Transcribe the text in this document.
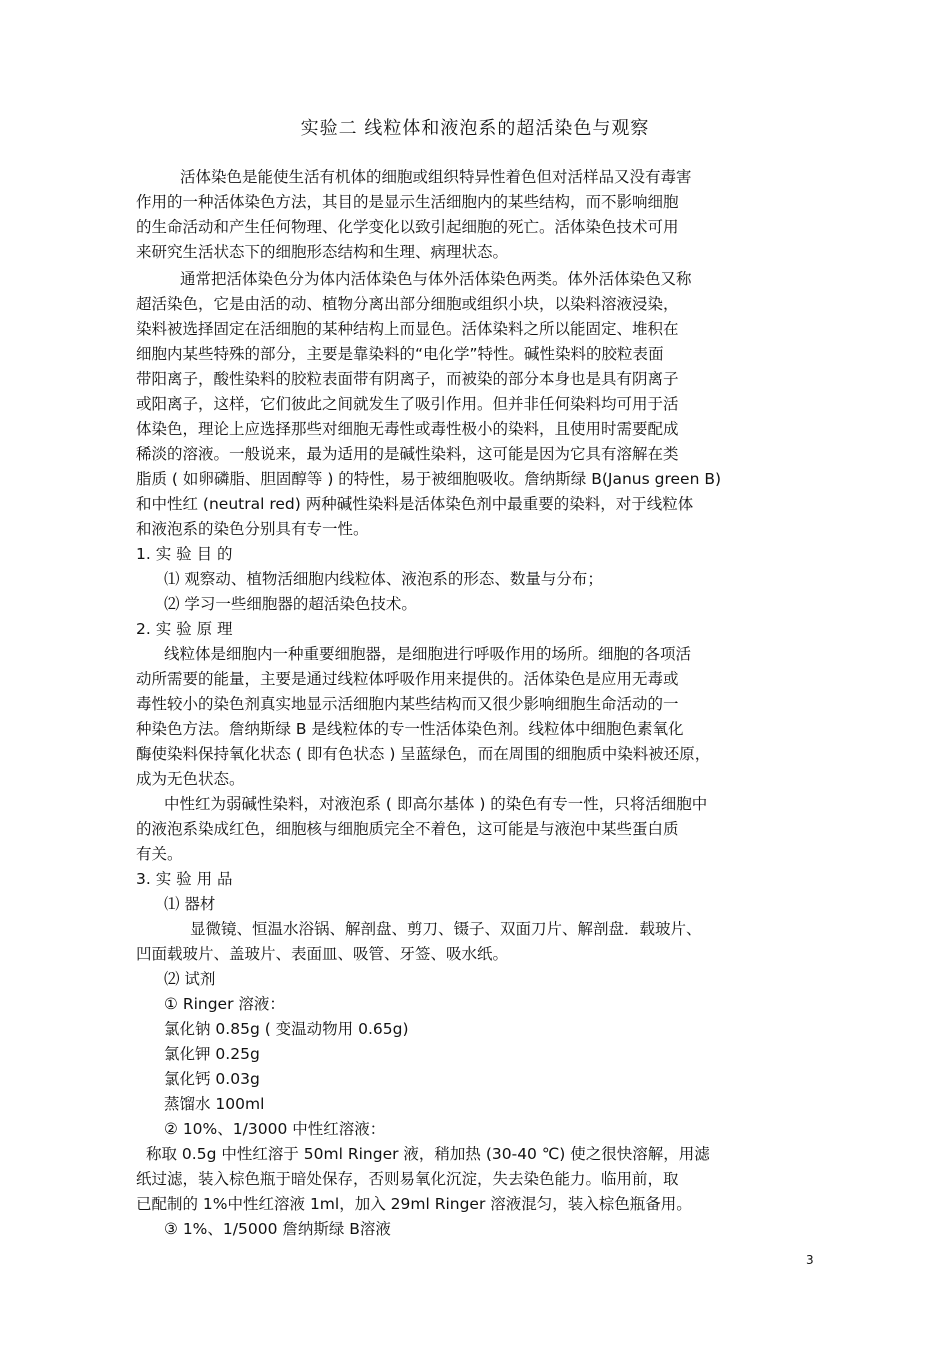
实验二 线粒体和液泡系的超活染色与观察
活体染色是能使生活有机体的细胞或组织特异性着色但对活样品又没有毒害
作用的一种活体染色方法，其目的是显示生活细胞内的某些结构，而不影响细胞
的生命活动和产生任何物理、化学变化以致引起细胞的死亡。活体染色技术可用
来研究生活状态下的细胞形态结构和生理、病理状态。
通常把活体染色分为体内活体染色与体外活体染色两类。体外活体染色又称
超活染色，它是由活的动、植物分离出部分细胞或组织小块，以染料溶液浸染，
染料被选择固定在活细胞的某种结构上而显色。活体染料之所以能固定、堆积在
细胞内某些特殊的部分，主要是靠染料的“电化学”特性。碱性染料的胶粒表面
带阳离子，酸性染料的胶粒表面带有阴离子，而被染的部分本身也是具有阴离子
或阳离子，这样，它们彼此之间就发生了吸引作用。但并非任何染料均可用于活
体染色，理论上应选择那些对细胞无毒性或毒性极小的染料，且使用时需要配成
稀淡的溶液。一般说来，最为适用的是碱性染料，这可能是因为它具有溶解在类
脂质 ( 如卵磷脂、胆固醇等 ) 的特性，易于被细胞吸收。詹纳斯绿 B(Janus green B)
和中性红 (neutral red) 两种碱性染料是活体染色剂中最重要的染料，对于线粒体
和液泡系的染色分别具有专一性。
1. 实 验 目 的
⑴ 观察动、植物活细胞内线粒体、液泡系的形态、数量与分布；
⑵ 学习一些细胞器的超活染色技术。
2. 实 验 原 理
线粒体是细胞内一种重要细胞器，是细胞进行呼吸作用的场所。细胞的各项活
动所需要的能量，主要是通过线粒体呼吸作用来提供的。活体染色是应用无毒或
毒性较小的染色剂真实地显示活细胞内某些结构而又很少影响细胞生命活动的一
种染色方法。詹纳斯绿 B 是线粒体的专一性活体染色剂。线粒体中细胞色素氧化
酶使染料保持氧化状态 ( 即有色状态 ) 呈蓝绿色，而在周围的细胞质中染料被还原，
成为无色状态。
中性红为弱碱性染料，对液泡系 ( 即高尔基体 ) 的染色有专一性，只将活细胞中
的液泡系染成红色，细胞核与细胞质完全不着色，这可能是与液泡中某些蛋白质
有关。
3. 实 验 用 品
⑴ 器材
显微镜、恒温水浴锅、解剖盘、剪刀、镊子、双面刀片、解剖盘．载玻片、
凹面载玻片、盖玻片、表面皿、吸管、牙签、吸水纸。
⑵ 试剂
① Ringer 溶液：
氯化钠 0.85g ( 变温动物用 0.65g)
氯化钾 0.25g
氯化钙 0.03g
蒸馏水 100ml
② 10%、1/3000 中性红溶液：
称取 0.5g 中性红溶于 50ml Ringer 液，稍加热 (30-40 ℃) 使之很快溶解，用滤
纸过滤，装入棕色瓶于暗处保存，否则易氧化沉淀，失去染色能力。临用前，取
已配制的 1%中性红溶液 1ml，加入 29ml Ringer 溶液混匀，装入棕色瓶备用。
③ 1%、1/5000 詹纳斯绿 B溶液
3
